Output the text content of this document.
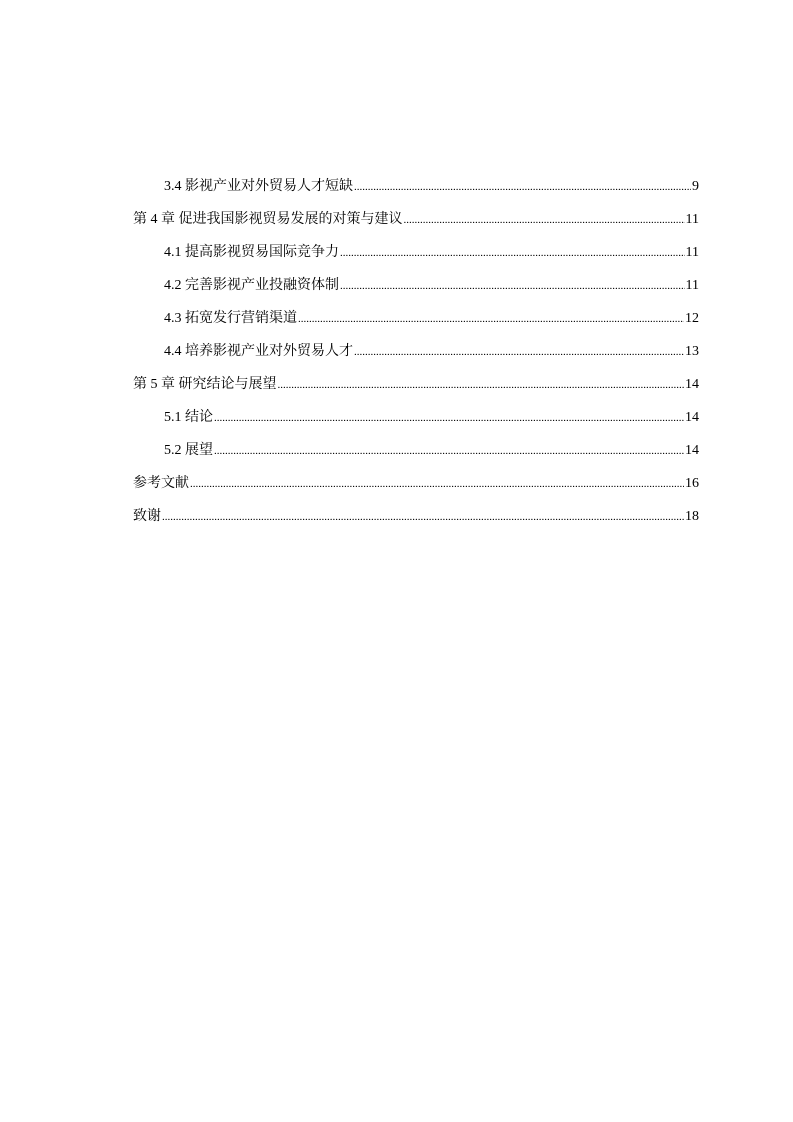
3.4 影视产业对外贸易人才短缺 .....	9
第 4 章 促进我国影视贸易发展的对策与建议 .....	11
4.1 提高影视贸易国际竞争力 .....	11
4.2 完善影视产业投融资体制 .....	11
4.3 拓宽发行营销渠道 .....	12
4.4 培养影视产业对外贸易人才 .....	13
第 5 章 研究结论与展望 .....	14
5.1 结论 .....	14
5.2 展望 .....	14
参考文献 .....	16
致谢 .....	18
